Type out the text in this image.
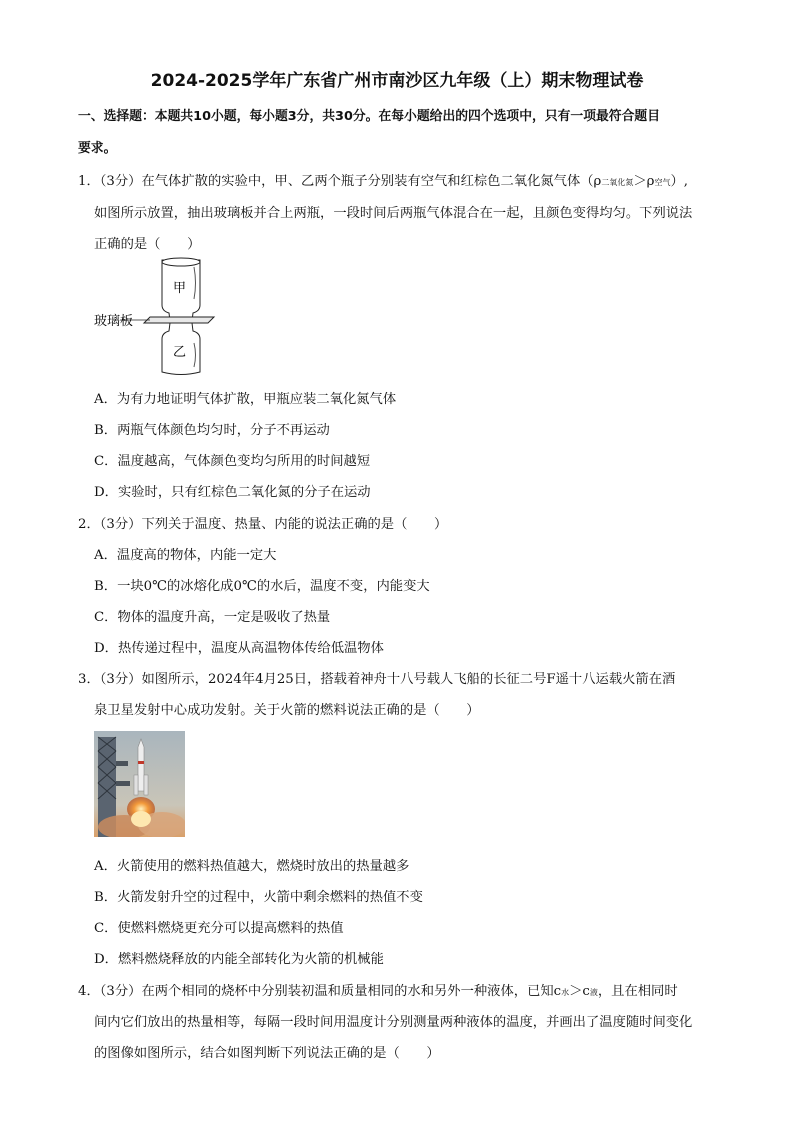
2024-2025学年广东省广州市南沙区九年级（上）期末物理试卷
一、选择题：本题共10小题，每小题3分，共30分。在每小题给出的四个选项中，只有一项最符合题目
要求。
1．（3分）在气体扩散的实验中，甲、乙两个瓶子分别装有空气和红棕色二氧化氮气体（ρ二氧化氮＞ρ空气）,
如图所示放置，抽出玻璃板并合上两瓶，一段时间后两瓶气体混合在一起，且颜色变得均匀。下列说法
正确的是（　　）
甲
乙
玻璃板
A．为有力地证明气体扩散，甲瓶应装二氧化氮气体
B．两瓶气体颜色均匀时，分子不再运动
C．温度越高，气体颜色变均匀所用的时间越短
D．实验时，只有红棕色二氧化氮的分子在运动
2．（3分）下列关于温度、热量、内能的说法正确的是（　　）
A．温度高的物体，内能一定大
B．一块0℃的冰熔化成0℃的水后，温度不变，内能变大
C．物体的温度升高，一定是吸收了热量
D．热传递过程中，温度从高温物体传给低温物体
3．（3分）如图所示，2024年4月25日，搭载着神舟十八号载人飞船的长征二号F遥十八运载火箭在酒
泉卫星发射中心成功发射。关于火箭的燃料说法正确的是（　　）
A．火箭使用的燃料热值越大，燃烧时放出的热量越多
B．火箭发射升空的过程中，火箭中剩余燃料的热值不变
C．使燃料燃烧更充分可以提高燃料的热值
D．燃料燃烧释放的内能全部转化为火箭的机械能
4．（3分）在两个相同的烧杯中分别装初温和质量相同的水和另外一种液体，已知c水＞c液，且在相同时
间内它们放出的热量相等，每隔一段时间用温度计分别测量两种液体的温度，并画出了温度随时间变化
的图像如图所示，结合如图判断下列说法正确的是（　　）
